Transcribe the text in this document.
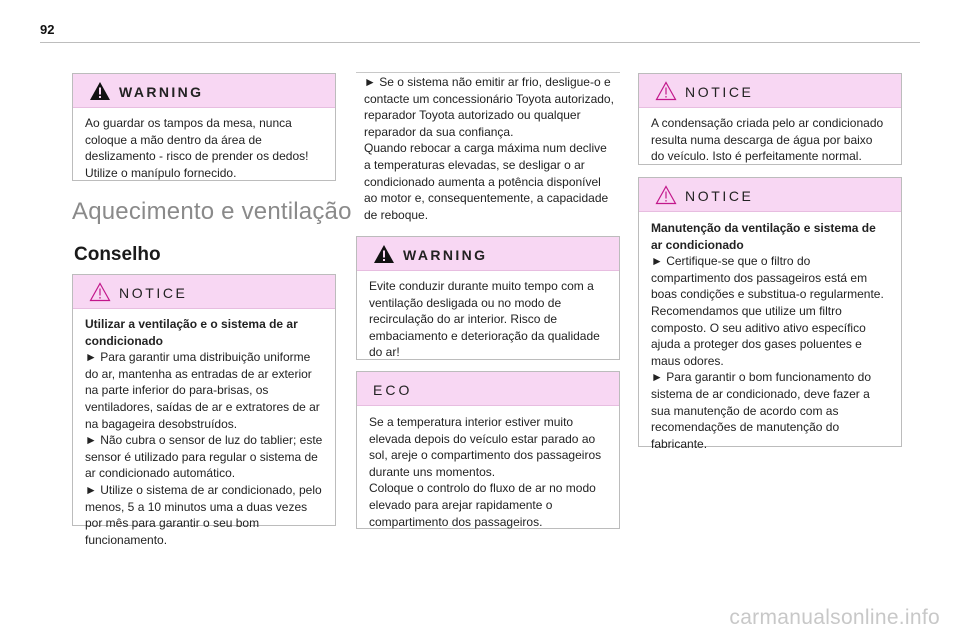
92
WARNING

Ao guardar os tampos da mesa, nunca coloque a mão dentro da área de deslizamento - risco de prender os dedos! Utilize o manípulo fornecido.

Aquecimento e ventilação
Conselho
NOTICE

Utilizar a ventilação e o sistema de ar condicionado

► Para garantir uma distribuição uniforme do ar, mantenha as entradas de ar exterior na parte inferior do para-brisas, os ventiladores, saídas de ar e extratores de ar na bagageira desobstruídos.

► Não cubra o sensor de luz do tablier; este sensor é utilizado para regular o sistema de ar condicionado automático.

► Utilize o sistema de ar condicionado, pelo menos, 5 a 10 minutos uma a duas vezes por mês para garantir o seu bom funcionamento.

► Se o sistema não emitir ar frio, desligue-o e contacte um concessionário Toyota autorizado, reparador Toyota autorizado ou qualquer reparador da sua confiança.

Quando rebocar a carga máxima num declive a temperaturas elevadas, se desligar o ar condicionado aumenta a potência disponível ao motor e, consequentemente, a capacidade de reboque.

WARNING

Evite conduzir durante muito tempo com a ventilação desligada ou no modo de recirculação do ar interior. Risco de embaciamento e deterioração da qualidade do ar!

ECO

Se a temperatura interior estiver muito elevada depois do veículo estar parado ao sol, areje o compartimento dos passageiros durante uns momentos.

Coloque o controlo do fluxo de ar no modo elevado para arejar rapidamente o compartimento dos passageiros.

NOTICE

A condensação criada pelo ar condicionado resulta numa descarga de água por baixo do veículo. Isto é perfeitamente normal.

NOTICE

Manutenção da ventilação e sistema de ar condicionado

► Certifique-se que o filtro do compartimento dos passageiros está em boas condições e substitua-o regularmente.

Recomendamos que utilize um filtro composto. O seu aditivo ativo específico ajuda a proteger dos gases poluentes e maus odores.

► Para garantir o bom funcionamento do sistema de ar condicionado, deve fazer a sua manutenção de acordo com as recomendações de manutenção do fabricante.

carmanualsonline.info
